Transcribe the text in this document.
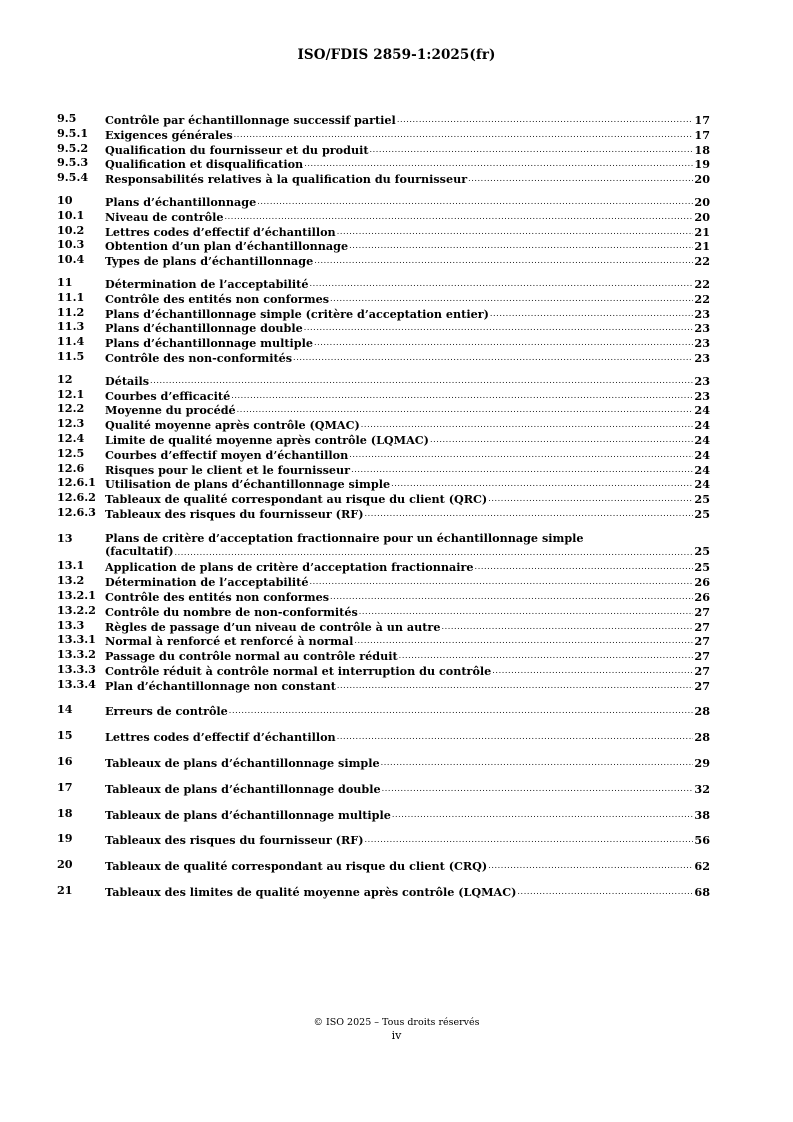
ISO/FDIS 2859-1:2025(fr)
9.5	Contrôle par échantillonnage successif partiel .....	17
9.5.1	Exigences générales .....	17
9.5.2	Qualification du fournisseur et du produit .....	18
9.5.3	Qualification et disqualification .....	19
9.5.4	Responsabilités relatives à la qualification du fournisseur .....	20
10	Plans d’échantillonnage .....	20
10.1	Niveau de contrôle .....	20
10.2	Lettres codes d’effectif d’échantillon .....	21
10.3	Obtention d’un plan d’échantillonnage .....	21
10.4	Types de plans d’échantillonnage .....	22
11	Détermination de l’acceptabilité .....	22
11.1	Contrôle des entités non conformes .....	22
11.2	Plans d’échantillonnage simple (critère d’acceptation entier) .....	23
11.3	Plans d’échantillonnage double .....	23
11.4	Plans d’échantillonnage multiple .....	23
11.5	Contrôle des non-conformités .....	23
12	Détails .....	23
12.1	Courbes d’efficacité .....	23
12.2	Moyenne du procédé .....	24
12.3	Qualité moyenne après contrôle (QMAC) .....	24
12.4	Limite de qualité moyenne après contrôle (LQMAC) .....	24
12.5	Courbes d’effectif moyen d’échantillon .....	24
12.6	Risques pour le client et le fournisseur .....	24
12.6.1 Utilisation de plans d’échantillonnage simple .....	24
12.6.2 Tableaux de qualité correspondant au risque du client (QRC) .....	25
12.6.3 Tableaux des risques du fournisseur (RF) .....	25
13	Plans de critère d’acceptation fractionnaire pour un échantillonnage simple
(facultatif) .....	25
13.1	Application de plans de critère d’acceptation fractionnaire .....	25
13.2	Détermination de l’acceptabilité .....	26
13.2.1 Contrôle des entités non conformes .....	26
13.2.2 Contrôle du nombre de non-conformités .....	27
13.3	Règles de passage d’un niveau de contrôle à un autre .....	27
13.3.1 Normal à renforcé et renforcé à normal .....	27
13.3.2 Passage du contrôle normal au contrôle réduit .....	27
13.3.3 Contrôle réduit à contrôle normal et interruption du contrôle .....	27
13.3.4 Plan d’échantillonnage non constant .....	27
14	Erreurs de contrôle .....	28
15	Lettres codes d’effectif d’échantillon .....	28
16	Tableaux de plans d’échantillonnage simple .....	29
17	Tableaux de plans d’échantillonnage double .....	32
18	Tableaux de plans d’échantillonnage multiple .....	38
19	Tableaux des risques du fournisseur (RF) .....	56
20	Tableaux de qualité correspondant au risque du client (CRQ) .....	62
21	Tableaux des limites de qualité moyenne après contrôle (LQMAC) .....	68
© ISO 2025 – Tous droits réservés
iv
